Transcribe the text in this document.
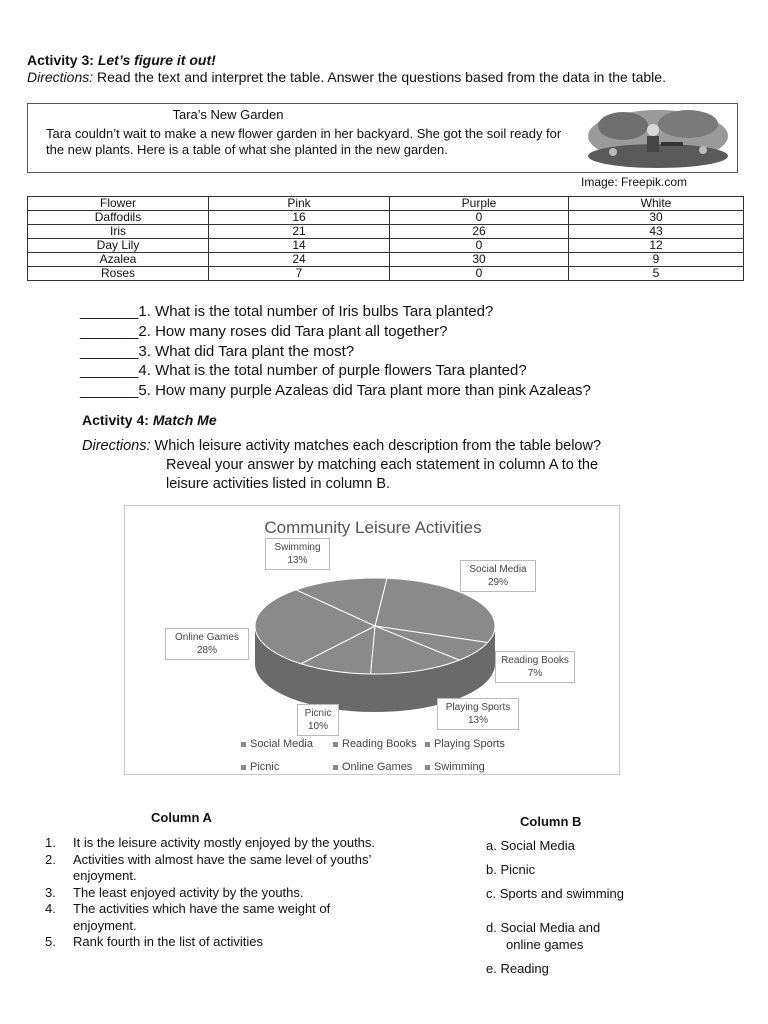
Activity 3: Let’s figure it out!
Directions: Read the text and interpret the table. Answer the questions based from the data in the table.
Tara’s New Garden
Tara couldn’t wait to make a new flower garden in her backyard. She got the soil ready for the new plants. Here is a table of what she planted in the new garden.
Image: Freepik.com
Flower	Pink	Purple	White
Daffodils	16	0	30
Iris	21	26	43
Day Lily	14	0	12
Azalea	24	30	9
Roses	7	0	5
_______1. What is the total number of Iris bulbs Tara planted?
_______2. How many roses did Tara plant all together?
_______3. What did Tara plant the most?
_______4. What is the total number of purple flowers Tara planted?
_______5. How many purple Azaleas did Tara plant more than pink Azaleas?
Activity 4: Match Me
Directions: Which leisure activity matches each description from the table below?
Reveal your answer by matching each statement in column A to the
leisure activities listed in column B.
Community Leisure Activities
Swimming
13%
Social Media
29%
Online Games
28%
Reading Books
7%
Playing Sports
13%
Picnic
10%
Social Media	Reading Books	Playing Sports
Picnic	Online Games	Swimming
Column A
1.	It is the leisure activity mostly enjoyed by the youths.
2.	Activities with almost have the same level of youths’ enjoyment.
3.	The least enjoyed activity by the youths.
4.	The activities which have the same weight of enjoyment.
5.	Rank fourth in the list of activities
Column B
a. Social Media
b. Picnic
c. Sports and swimming
d. Social Media and
online games
e. Reading
